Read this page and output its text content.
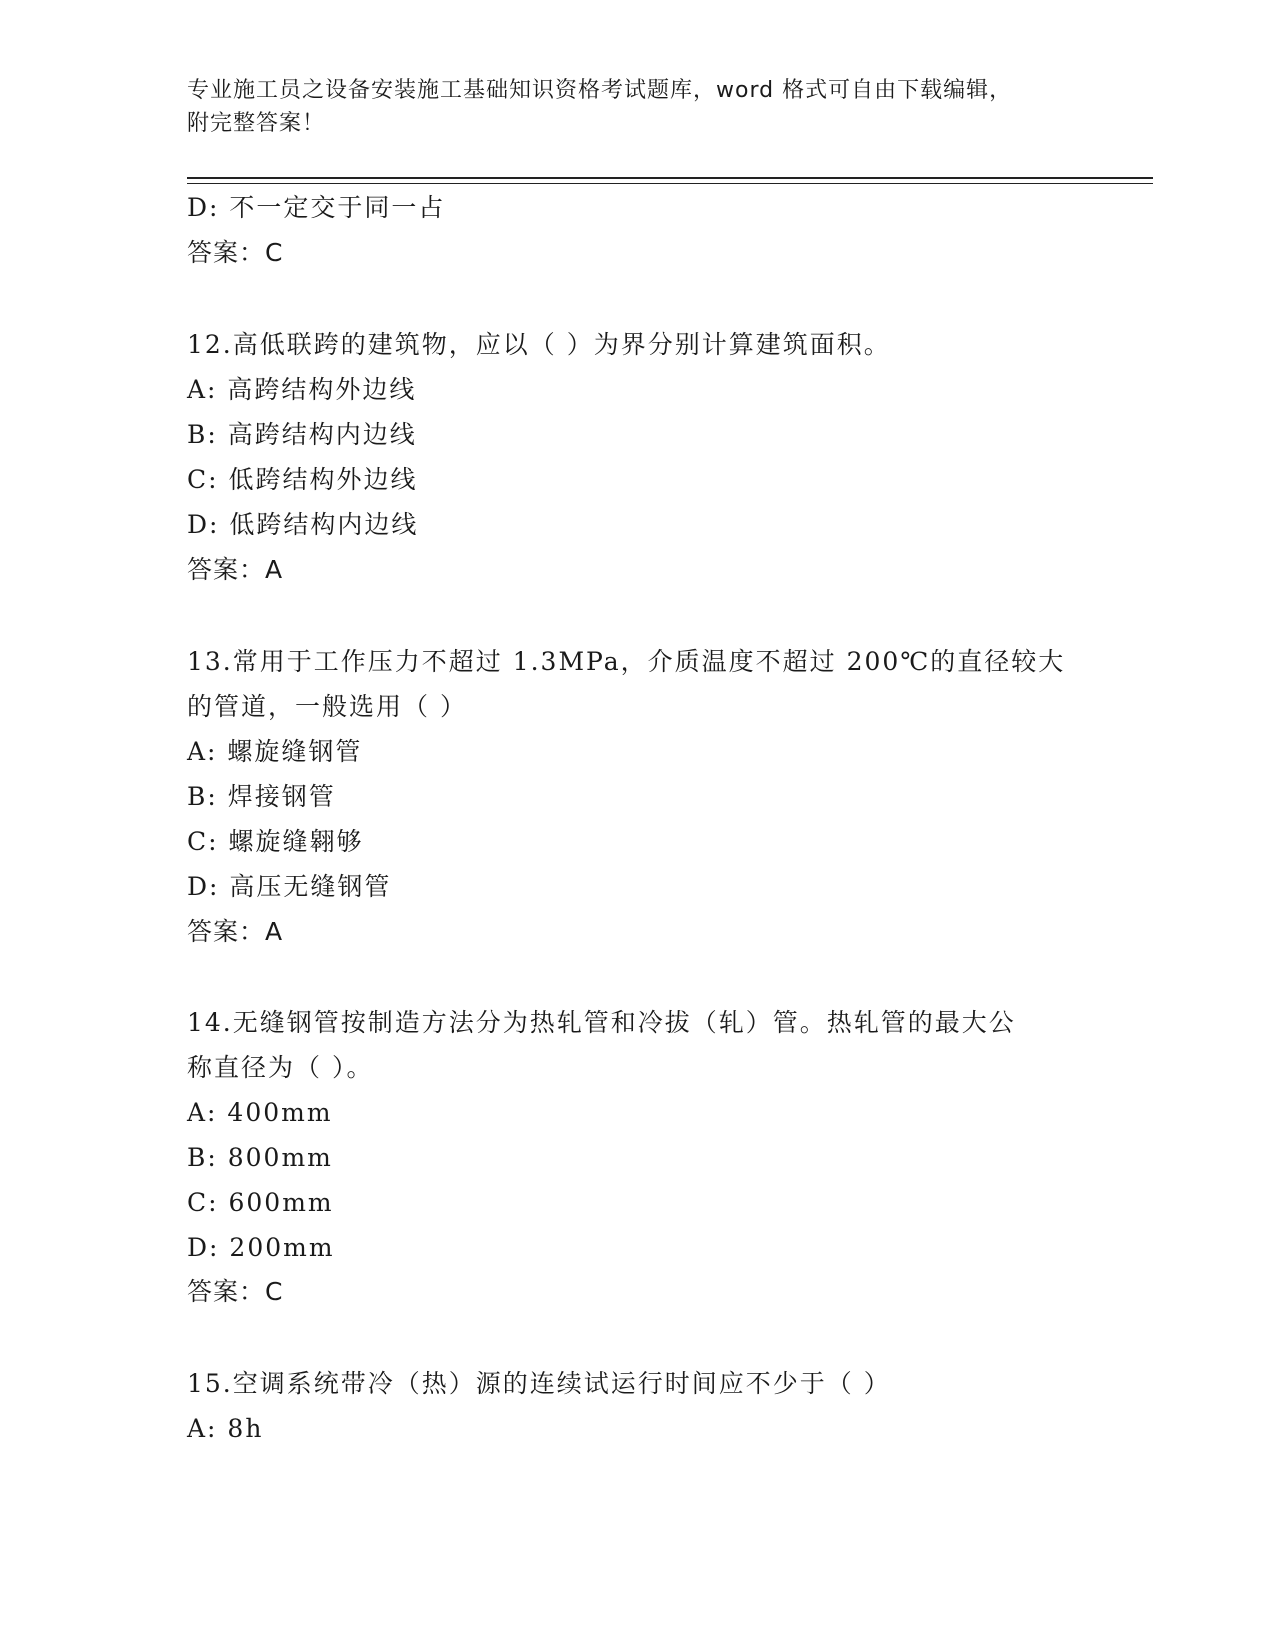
专业施工员之设备安装施工基础知识资格考试题库，word 格式可自由下载编辑，
附完整答案！
D: 不一定交于同一占
答案：C
12.高低联跨的建筑物，应以（ ）为界分别计算建筑面积。
A: 高跨结构外边线
B: 高跨结构内边线
C: 低跨结构外边线
D: 低跨结构内边线
答案：A
13.常用于工作压力不超过 1.3MPa，介质温度不超过 200℃的直径较大
的管道，一般选用（ ）
A: 螺旋缝钢管
B: 焊接钢管
C: 螺旋缝翱够
D: 高压无缝钢管
答案：A
14.无缝钢管按制造方法分为热轧管和冷拔（轧）管。热轧管的最大公
称直径为（ ）。
A: 400mm
B: 800mm
C: 600mm
D: 200mm
答案：C
15.空调系统带冷（热）源的连续试运行时间应不少于（ ）
A: 8h
